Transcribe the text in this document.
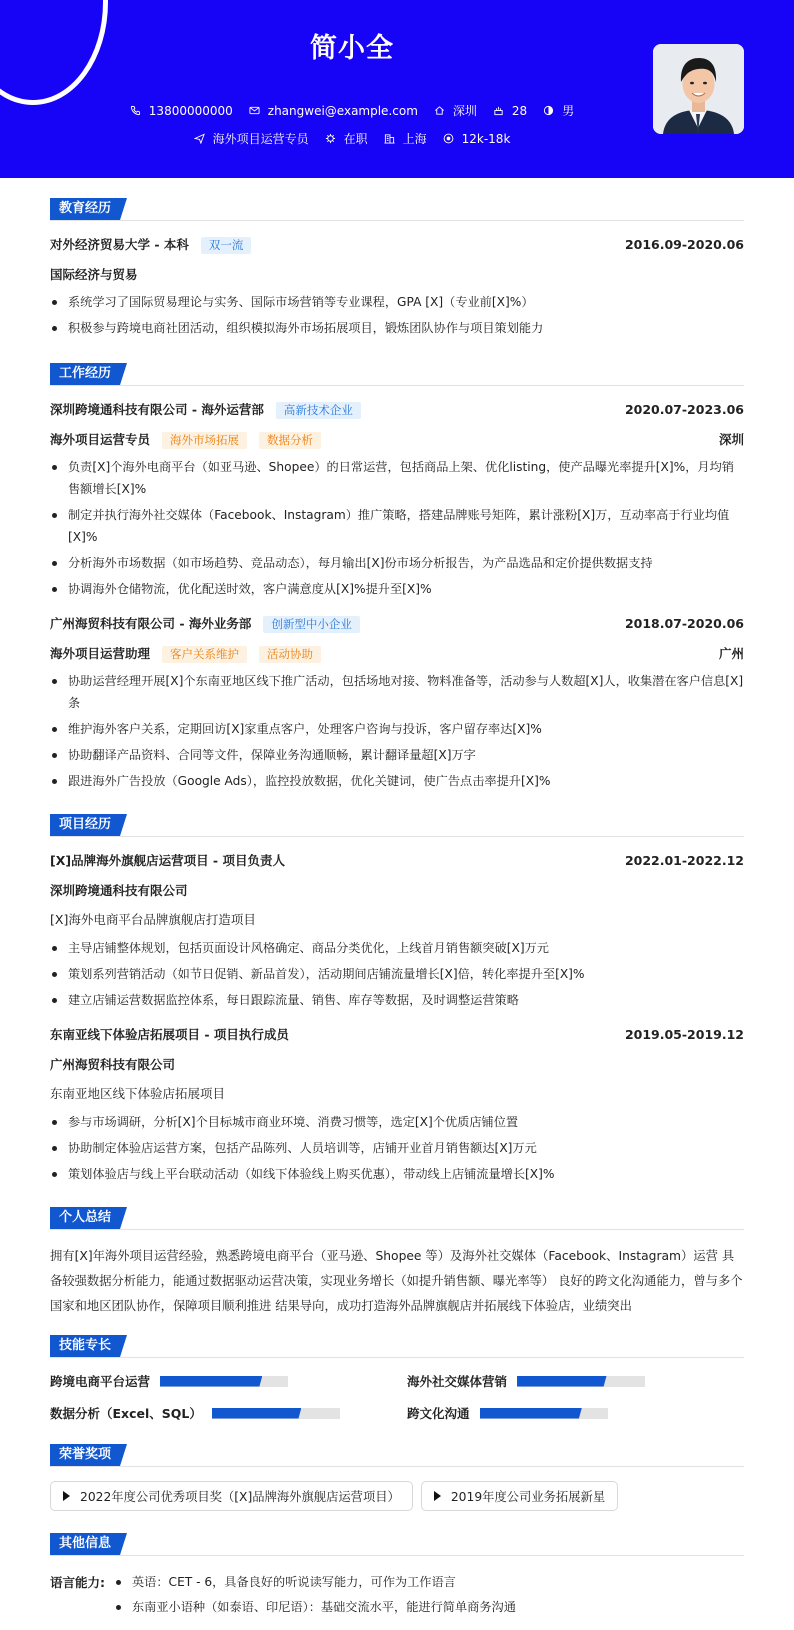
简小全
13800000000	zhangwei@example.com	深圳	28	男
海外项目运营专员	在职	上海	12k-18k
教育经历
对外经济贸易大学 - 本科 双一流	2016.09-2020.06
国际经济与贸易
系统学习了国际贸易理论与实务、国际市场营销等专业课程，GPA [X]（专业前[X]%）
积极参与跨境电商社团活动，组织模拟海外市场拓展项目，锻炼团队协作与项目策划能力
工作经历
深圳跨境通科技有限公司 - 海外运营部 高新技术企业	2020.07-2023.06
海外项目运营专员 海外市场拓展 数据分析	深圳
负责[X]个海外电商平台（如亚马逊、Shopee）的日常运营，包括商品上架、优化listing，使产品曝光率提升[X]%，月均销售额增长[X]%
制定并执行海外社交媒体（Facebook、Instagram）推广策略，搭建品牌账号矩阵，累计涨粉[X]万，互动率高于行业均值[X]%
分析海外市场数据（如市场趋势、竞品动态），每月输出[X]份市场分析报告，为产品选品和定价提供数据支持
协调海外仓储物流，优化配送时效，客户满意度从[X]%提升至[X]%
广州海贸科技有限公司 - 海外业务部 创新型中小企业	2018.07-2020.06
海外项目运营助理 客户关系维护 活动协助	广州
协助运营经理开展[X]个东南亚地区线下推广活动，包括场地对接、物料准备等，活动参与人数超[X]人，收集潜在客户信息[X]条
维护海外客户关系，定期回访[X]家重点客户，处理客户咨询与投诉，客户留存率达[X]%
协助翻译产品资料、合同等文件，保障业务沟通顺畅，累计翻译量超[X]万字
跟进海外广告投放（Google Ads），监控投放数据，优化关键词，使广告点击率提升[X]%
项目经历
[X]品牌海外旗舰店运营项目 - 项目负责人	2022.01-2022.12
深圳跨境通科技有限公司
[X]海外电商平台品牌旗舰店打造项目
主导店铺整体规划，包括页面设计风格确定、商品分类优化，上线首月销售额突破[X]万元
策划系列营销活动（如节日促销、新品首发），活动期间店铺流量增长[X]倍，转化率提升至[X]%
建立店铺运营数据监控体系，每日跟踪流量、销售、库存等数据，及时调整运营策略
东南亚线下体验店拓展项目 - 项目执行成员	2019.05-2019.12
广州海贸科技有限公司
东南亚地区线下体验店拓展项目
参与市场调研，分析[X]个目标城市商业环境、消费习惯等，选定[X]个优质店铺位置
协助制定体验店运营方案，包括产品陈列、人员培训等，店铺开业首月销售额达[X]万元
策划体验店与线上平台联动活动（如线下体验线上购买优惠），带动线上店铺流量增长[X]%
个人总结
拥有[X]年海外项目运营经验，熟悉跨境电商平台（亚马逊、Shopee 等）及海外社交媒体（Facebook、Instagram）运营 具备较强数据分析能力，能通过数据驱动运营决策，实现业务增长（如提升销售额、曝光率等） 良好的跨文化沟通能力，曾与多个国家和地区团队协作，保障项目顺利推进 结果导向，成功打造海外品牌旗舰店并拓展线下体验店，业绩突出
技能专长
跨境电商平台运营	海外社交媒体营销
数据分析（Excel、SQL）	跨文化沟通
荣誉奖项
2022年度公司优秀项目奖（[X]品牌海外旗舰店运营项目）	2019年度公司业务拓展新星
其他信息
语言能力:	英语：CET - 6，具备良好的听说读写能力，可作为工作语言
东南亚小语种（如泰语、印尼语）：基础交流水平，能进行简单商务沟通
